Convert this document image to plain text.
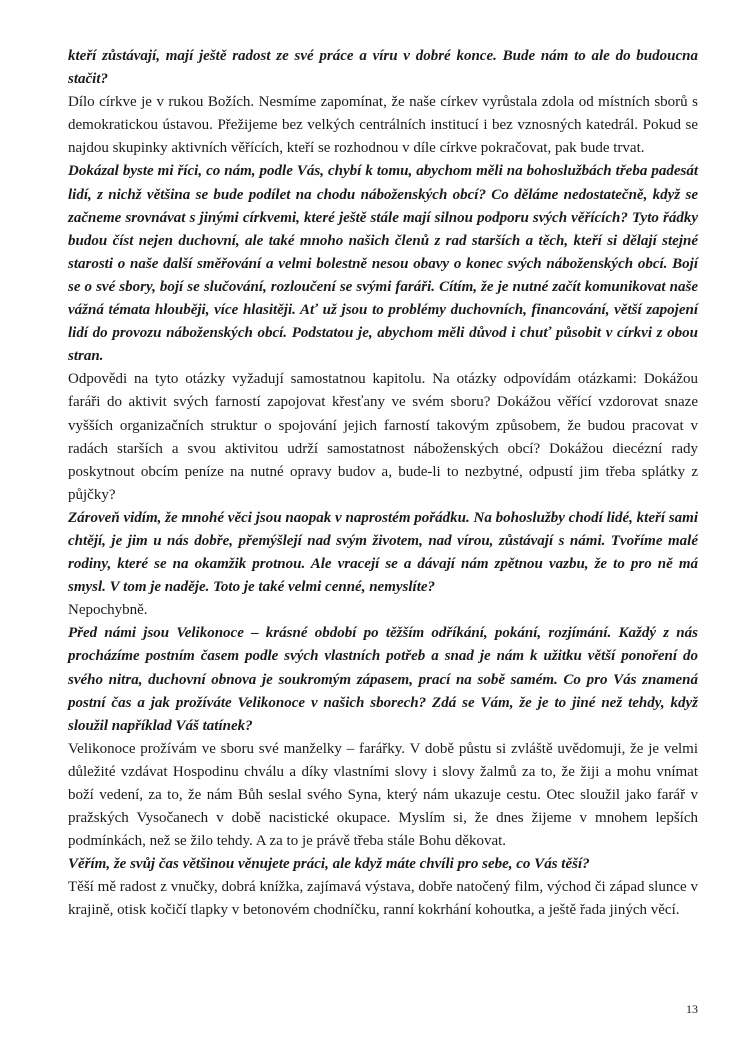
kteří zůstávají, mají ještě radost ze své práce a víru v dobré konce. Bude nám to ale do budoucna stačit?

Dílo církve je v rukou Božích. Nesmíme zapomínat, že naše církev vyrůstala zdola od místních sborů s demokratickou ústavou. Přežijeme bez velkých centrálních institucí i bez vznosných katedrál. Pokud se najdou skupinky aktivních věřících, kteří se rozhodnou v díle církve pokračovat, pak bude trvat.

Dokázal byste mi říci, co nám, podle Vás, chybí k tomu, abychom měli na bohoslužbách třeba padesát lidí, z nichž většina se bude podílet na chodu náboženských obcí? Co děláme nedostatečně, když se začneme srovnávat s jinými církvemi, které ještě stále mají silnou podporu svých věřících? Tyto řádky budou číst nejen duchovní, ale také mnoho našich členů z rad starších a těch, kteří si dělají stejné starosti o naše další směřování a velmi bolestně nesou obavy o konec svých náboženských obcí. Bojí se o své sbory, bojí se slučování, rozloučení se svými faráři. Cítím, že je nutné začít komunikovat naše vážná témata hlouběji, více hlasitěji. Ať už jsou to problémy duchovních, financování, větší zapojení lidí do provozu náboženských obcí. Podstatou je, abychom měli důvod i chuť působit v církvi z obou stran.

Odpovědi na tyto otázky vyžadují samostatnou kapitolu. Na otázky odpovídám otázkami: Dokážou faráři do aktivit svých farností zapojovat křesťany ve svém sboru? Dokážou věřící vzdorovat snaze vyšších organizačních struktur o spojování jejich farností takovým způsobem, že budou pracovat v radách starších a svou aktivitou udrží samostatnost náboženských obcí? Dokážou diecézní rady poskytnout obcím peníze na nutné opravy budov a, bude-li to nezbytné, odpustí jim třeba splátky z půjčky?

Zároveň vidím, že mnohé věci jsou naopak v naprostém pořádku. Na bohoslužby chodí lidé, kteří sami chtějí, je jim u nás dobře, přemýšlejí nad svým životem, nad vírou, zůstávají s námi. Tvoříme malé rodiny, které se na okamžik protnou. Ale vracejí se a dávají nám zpětnou vazbu, že to pro ně má smysl. V tom je naděje. Toto je také velmi cenné, nemyslíte?

Nepochybně.

Před námi jsou Velikonoce – krásné období po těžším odříkání, pokání, rozjímání. Každý z nás procházíme postním časem podle svých vlastních potřeb a snad je nám k užitku větší ponoření do svého nitra, duchovní obnova je soukromým zápasem, prací na sobě samém. Co pro Vás znamená postní čas a jak prožíváte Velikonoce v našich sborech? Zdá se Vám, že je to jiné než tehdy, když sloužil například Váš tatínek?

Velikonoce prožívám ve sboru své manželky – farářky. V době půstu si zvláště uvědomuji, že je velmi důležité vzdávat Hospodinu chválu a díky vlastními slovy i slovy žalmů za to, že žiji a mohu vnímat boží vedení, za to, že nám Bůh seslal svého Syna, který nám ukazuje cestu. Otec sloužil jako farář v pražských Vysočanech v době nacistické okupace. Myslím si, že dnes žijeme v mnohem lepších podmínkách, než se žilo tehdy. A za to je právě třeba stále Bohu děkovat.

Věřím, že svůj čas většinou věnujete práci, ale když máte chvíli pro sebe, co Vás těší?

Těší mě radost z vnučky, dobrá knížka, zajímavá výstava, dobře natočený film, východ či západ slunce v krajině, otisk kočičí tlapky v betonovém chodníčku, ranní kokrhání kohoutka, a ještě řada jiných věcí.

13
